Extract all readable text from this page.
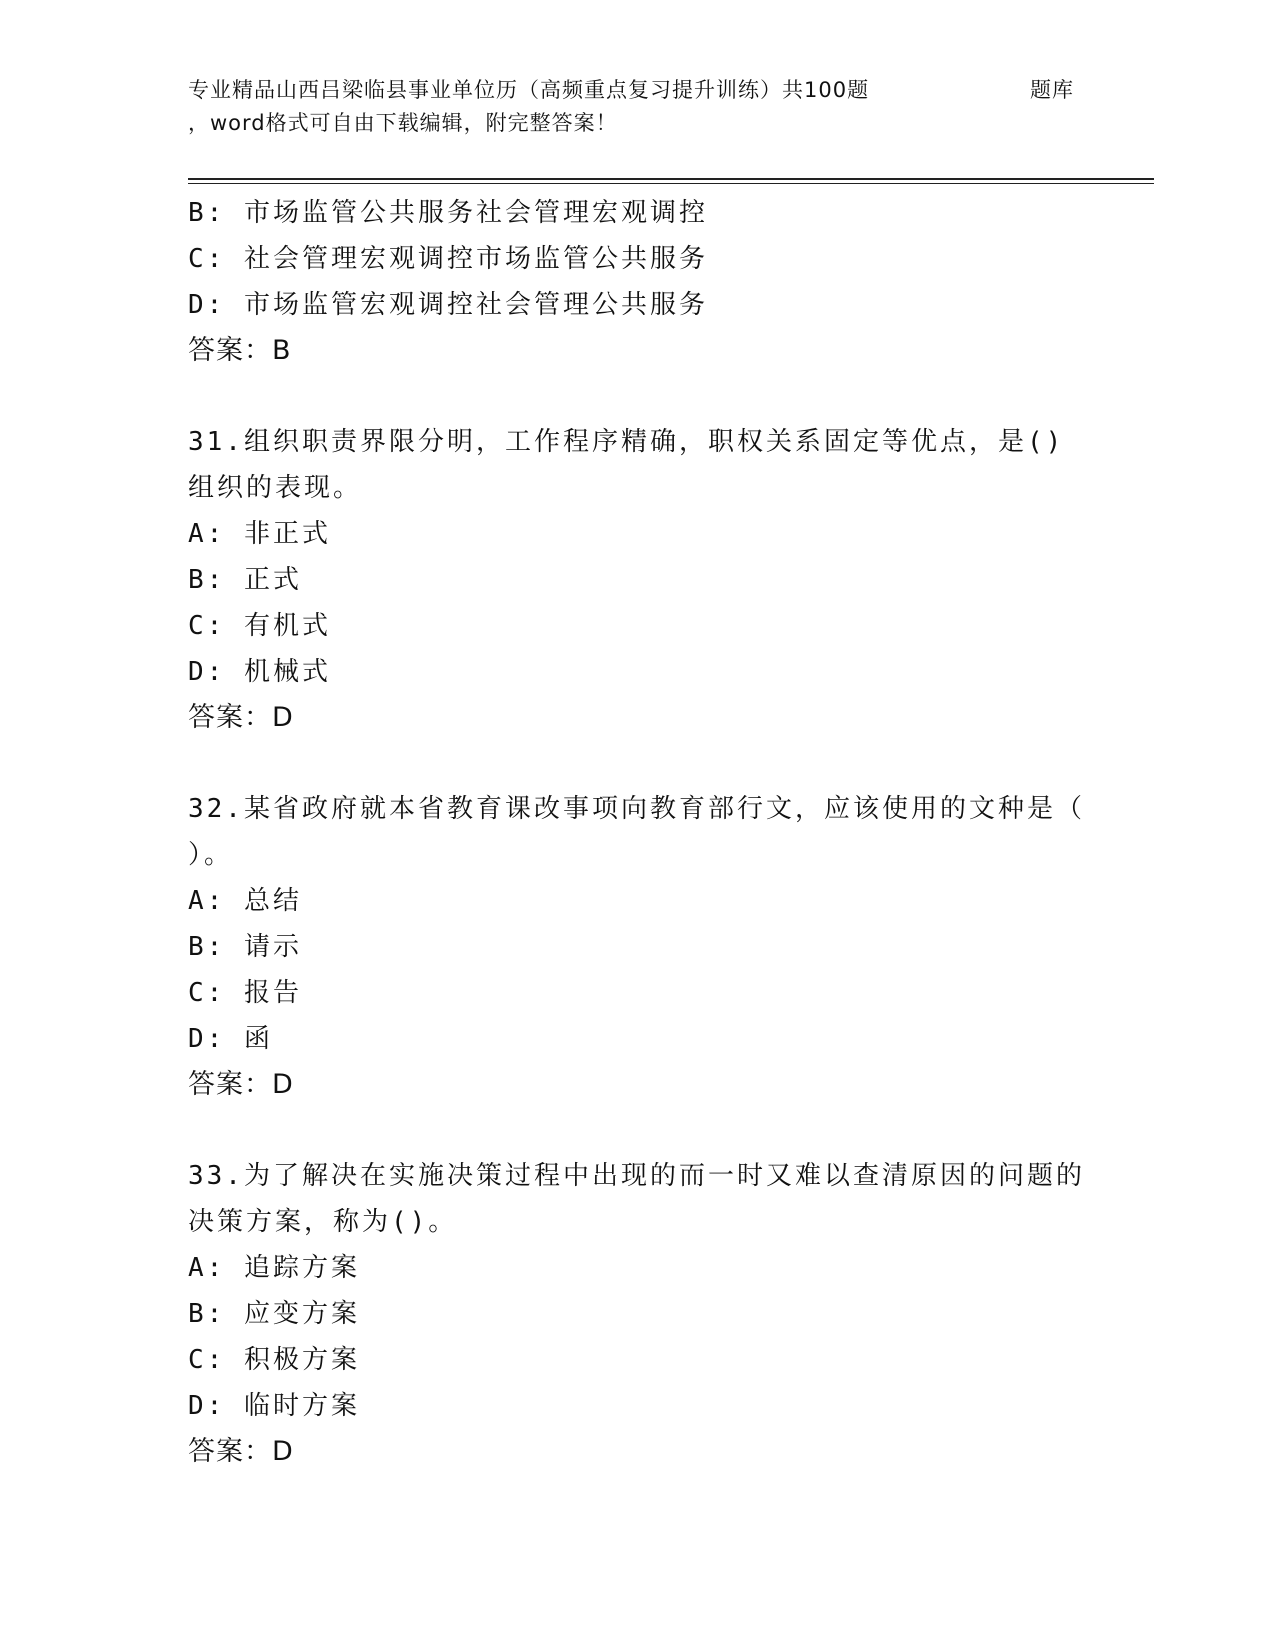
专业精品山西吕梁临县事业单位历（高频重点复习提升训练）共100题
，word格式可自由下载编辑，附完整答案！
题库
B: 市场监管公共服务社会管理宏观调控
C: 社会管理宏观调控市场监管公共服务
D: 市场监管宏观调控社会管理公共服务
答案：B
31.组织职责界限分明，工作程序精确，职权关系固定等优点，是()
组织的表现。
A: 非正式
B: 正式
C: 有机式
D: 机械式
答案：D
32.某省政府就本省教育课改事项向教育部行文，应该使用的文种是（
）。
A: 总结
B: 请示
C: 报告
D: 函
答案：D
33.为了解决在实施决策过程中出现的而一时又难以查清原因的问题的
决策方案，称为()。
A: 追踪方案
B: 应变方案
C: 积极方案
D: 临时方案
答案：D
